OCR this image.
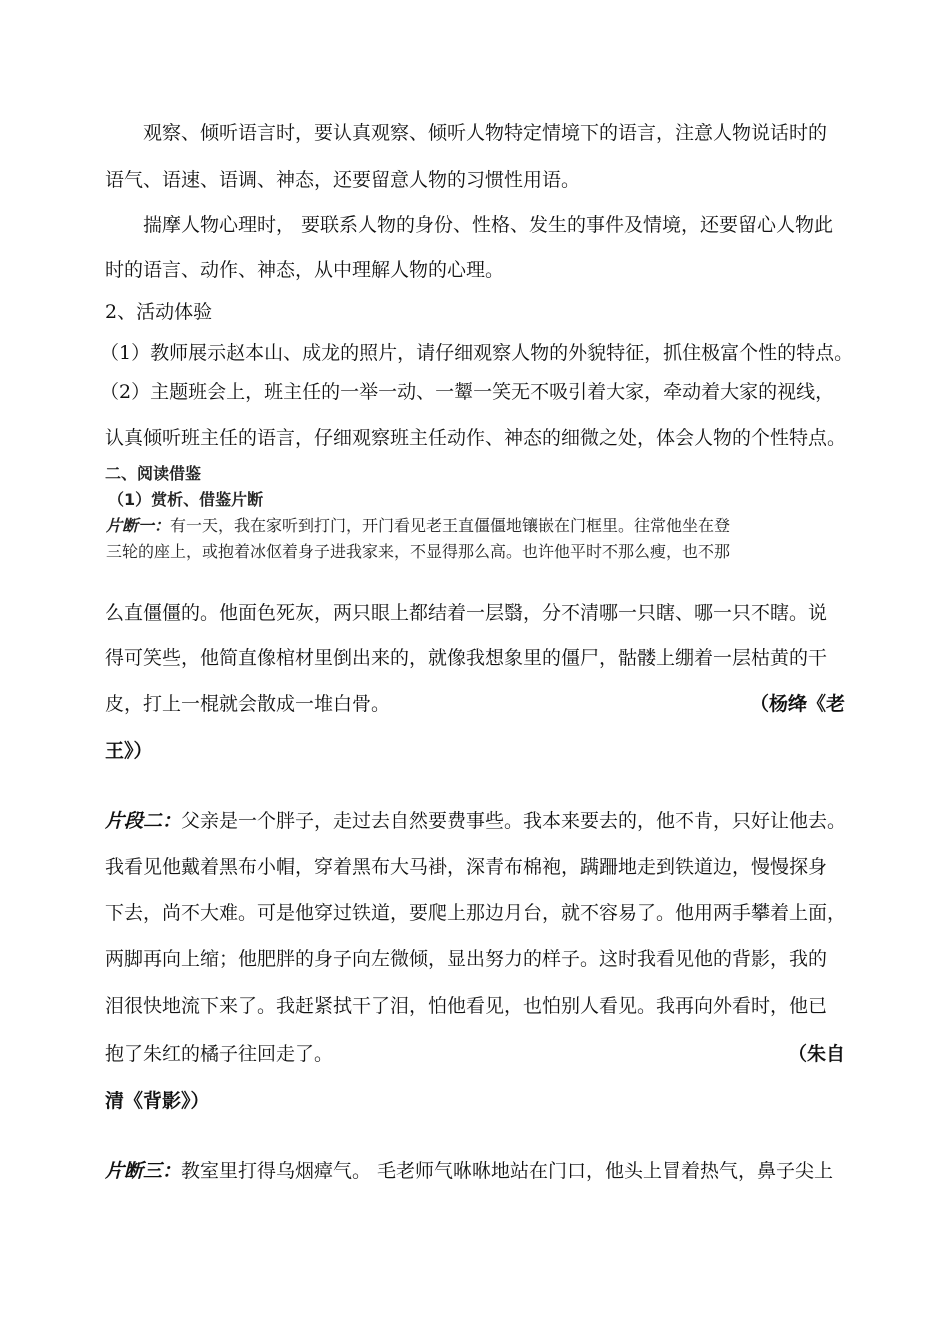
观察、倾听语言时，要认真观察、倾听人物特定情境下的语言，注意人物说话时的
语气、语速、语调、神态，还要留意人物的习惯性用语。
揣摩人物心理时， 要联系人物的身份、性格、发生的事件及情境，还要留心人物此
时的语言、动作、神态，从中理解人物的心理。
2、活动体验
（1）教师展示赵本山、成龙的照片，请仔细观察人物的外貌特征，抓住极富个性的特点。
（2）主题班会上，班主任的一举一动、一颦一笑无不吸引着大家，牵动着大家的视线，
认真倾听班主任的语言，仔细观察班主任动作、神态的细微之处，体会人物的个性特点。
二、阅读借鉴
（1）赏析、借鉴片断
片断一：有一天，我在家听到打门，开门看见老王直僵僵地镶嵌在门框里。往常他坐在登
三轮的座上，或抱着冰伛着身子进我家来，不显得那么高。也许他平时不那么瘦，也不那
么直僵僵的。他面色死灰，两只眼上都结着一层翳，分不清哪一只瞎、哪一只不瞎。说
得可笑些，他简直像棺材里倒出来的，就像我想象里的僵尸，骷髅上绷着一层枯黄的干
皮，打上一棍就会散成一堆白骨。	（杨绛《老
王》）
片段二：父亲是一个胖子，走过去自然要费事些。我本来要去的，他不肯，只好让他去。
我看见他戴着黑布小帽，穿着黑布大马褂，深青布棉袍，蹒跚地走到铁道边，慢慢探身
下去，尚不大难。可是他穿过铁道，要爬上那边月台，就不容易了。他用两手攀着上面，
两脚再向上缩；他肥胖的身子向左微倾，显出努力的样子。这时我看见他的背影，我的
泪很快地流下来了。我赶紧拭干了泪，怕他看见，也怕别人看见。我再向外看时，他已
抱了朱红的橘子往回走了。	（朱自
清《背影》）
片断三：教室里打得乌烟瘴气。 毛老师气咻咻地站在门口，他头上冒着热气，鼻子尖上
